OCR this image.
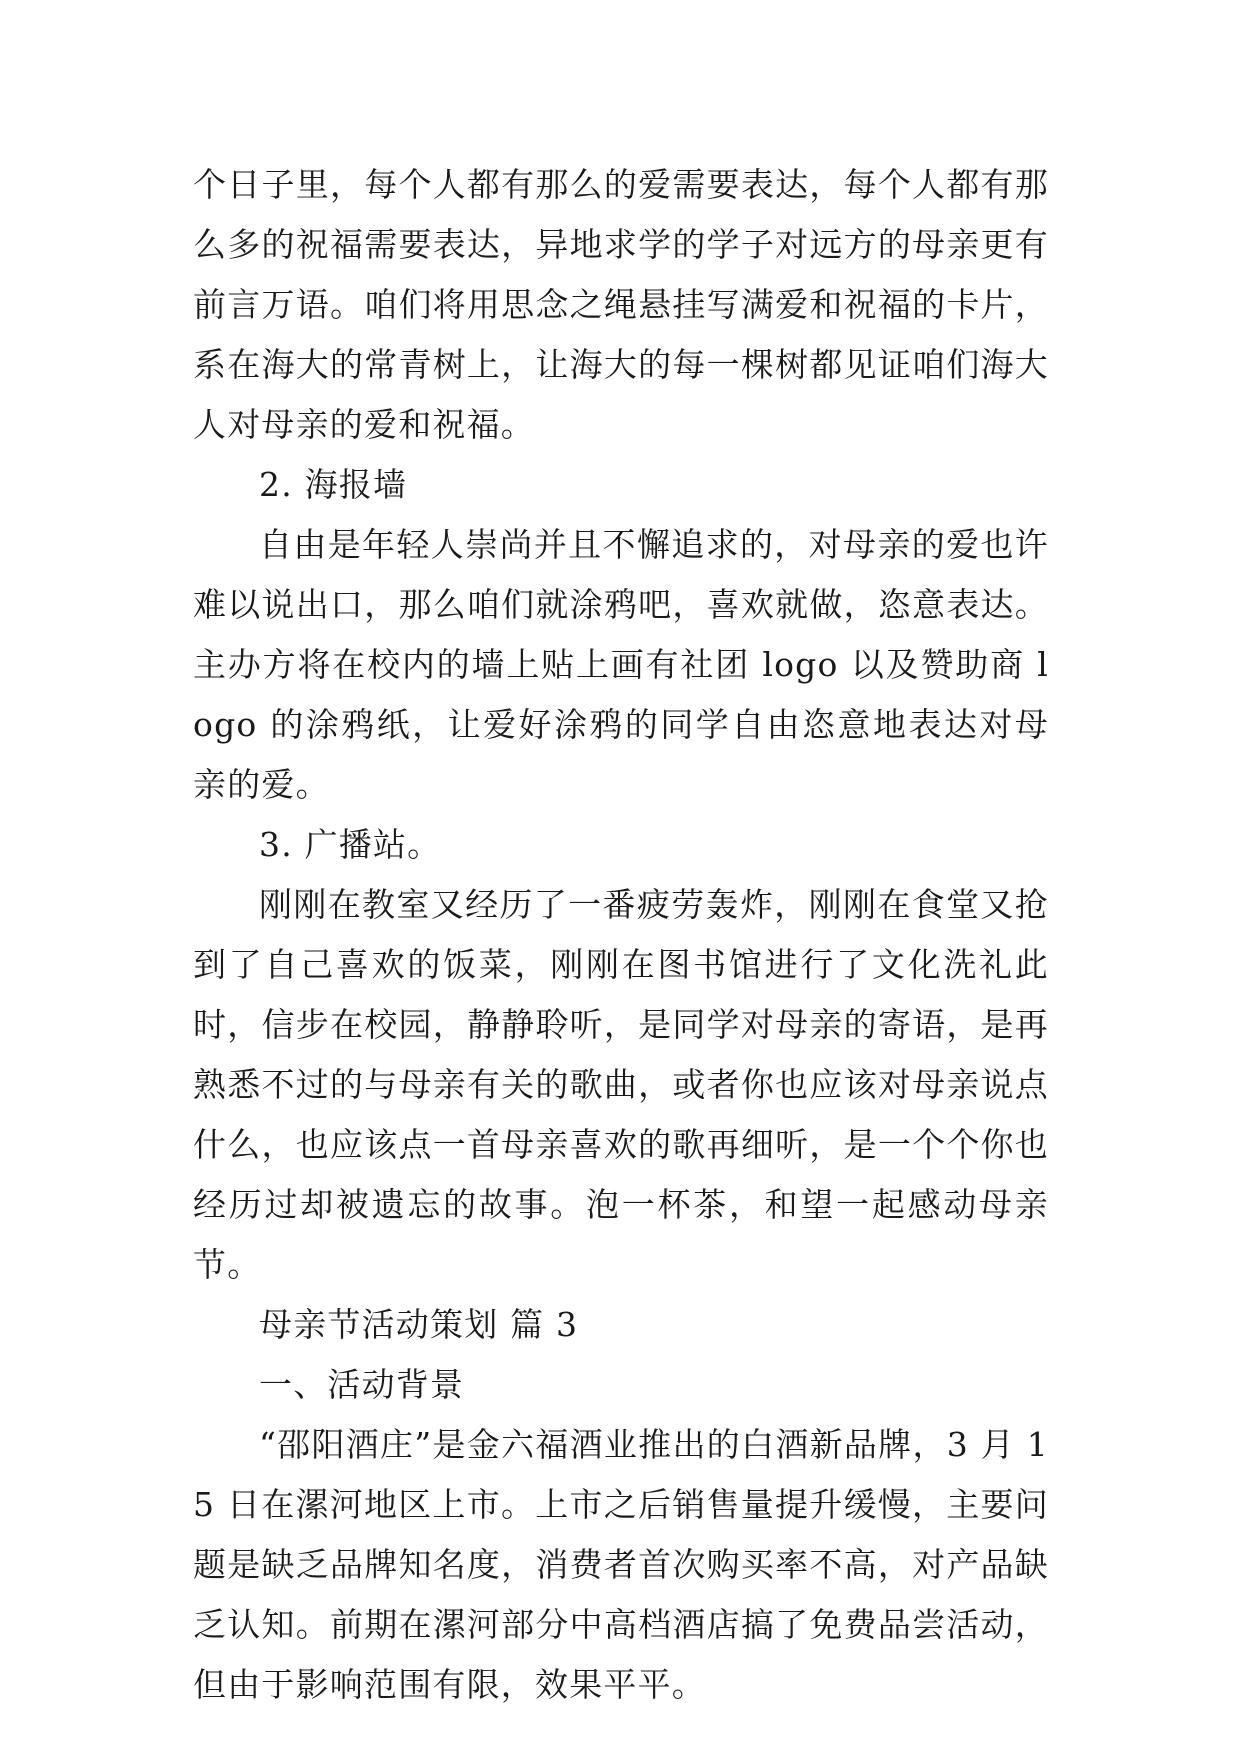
个日子里，每个人都有那么的爱需要表达，每个人都有那么多的祝福需要表达，异地求学的学子对远方的母亲更有前言万语。咱们将用思念之绳悬挂写满爱和祝福的卡片，系在海大的常青树上，让海大的每一棵树都见证咱们海大人对母亲的爱和祝福。

2. 海报墙

自由是年轻人崇尚并且不懈追求的，对母亲的爱也许难以说出口，那么咱们就涂鸦吧，喜欢就做，恣意表达。主办方将在校内的墙上贴上画有社团 logo 以及赞助商 logo 的涂鸦纸，让爱好涂鸦的同学自由恣意地表达对母亲的爱。

3. 广播站。

刚刚在教室又经历了一番疲劳轰炸，刚刚在食堂又抢到了自己喜欢的饭菜，刚刚在图书馆进行了文化洗礼此时，信步在校园，静静聆听，是同学对母亲的寄语，是再熟悉不过的与母亲有关的歌曲，或者你也应该对母亲说点什么，也应该点一首母亲喜欢的歌再细听，是一个个你也经历过却被遗忘的故事。泡一杯茶，和望一起感动母亲节。

母亲节活动策划 篇 3

一、活动背景

“邵阳酒庄”是金六福酒业推出的白酒新品牌，3 月 15 日在漯河地区上市。上市之后销售量提升缓慢，主要问题是缺乏品牌知名度，消费者首次购买率不高，对产品缺乏认知。前期在漯河部分中高档酒店搞了免费品尝活动，但由于影响范围有限，效果平平。
